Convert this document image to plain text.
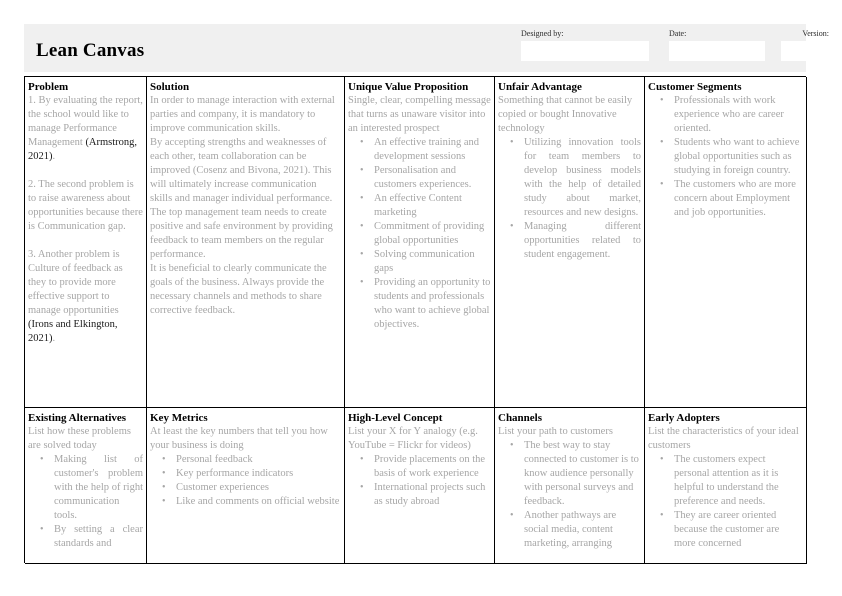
Lean Canvas
Designed by:	Date:	Version:
Problem

1. By evaluating the report, the school would like to manage Performance Management (Armstrong, 2021).

2. The second problem is to raise awareness about opportunities because there is Communication gap.

3. Another problem is Culture of feedback as they to provide more effective support to manage opportunities (Irons and Elkington, 2021).

Existing Alternatives

List how these problems are solved today

• Making list of customer's problem with the help of right communication tools.
• By setting a clear standards and
Solution

In order to manage interaction with external parties and company, it is mandatory to improve communication skills.

By accepting strengths and weaknesses of each other, team collaboration can be improved (Cosenz and Bivona, 2021). This will ultimately increase communication skills and manager individual performance.

The top management team needs to create positive and safe environment by providing feedback to team members on the regular performance.

It is beneficial to clearly communicate the goals of the business. Always provide the necessary channels and methods to share corrective feedback.

Key Metrics

At least the key numbers that tell you how your business is doing

• Personal feedback
• Key performance indicators
• Customer experiences
• Like and comments on official website
Unique Value Proposition

Single, clear, compelling message that turns as unaware visitor into an interested prospect

• An effective training and development sessions
• Personalisation and customers experiences.
• An effective Content marketing
• Commitment of providing global opportunities
• Solving communication gaps
• Providing an opportunity to students and professionals who want to achieve global objectives.
High-Level Concept

List your X for Y analogy (e.g. YouTube = Flickr for videos)

• Provide placements on the basis of work experience
• International projects such as study abroad
Unfair Advantage

Something that cannot be easily copied or bought Innovative technology

• Utilizing innovation tools for team members to develop business models with the help of detailed study about market, resources and new designs.
• Managing different opportunities related to student engagement.
Channels

List your path to customers

• The best way to stay connected to customer is to know audience personally with personal surveys and feedback.
• Another pathways are social media, content marketing, arranging
Customer Segments
• Professionals with work experience who are career oriented.
• Students who want to achieve global opportunities such as studying in foreign country.
• The customers who are more concern about Employment and job opportunities.
Early Adopters

List the characteristics of your ideal customers

• The customers expect personal attention as it is helpful to understand the preference and needs.
• They are career oriented because the customer are more concerned
